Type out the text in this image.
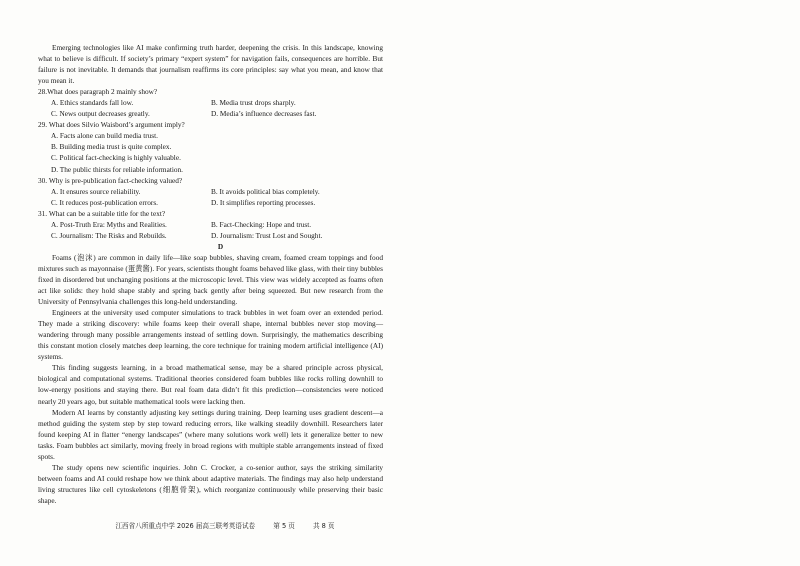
Emerging technologies like AI make confirming truth harder, deepening the crisis. In this landscape, knowing what to believe is difficult. If society’s primary “expert system” for navigation fails, consequences are horrible. But failure is not inevitable. It demands that journalism reaffirms its core principles: say what you mean, and know that you mean it.

28.What does paragraph 2 mainly show?
A. Ethics standards fall low.	B. Media trust drops sharply.
C. News output decreases greatly.	D. Media’s influence decreases fast.
29. What does Silvio Waisbord’s argument imply?
A. Facts alone can build media trust.
B. Building media trust is quite complex.
C. Political fact-checking is highly valuable.
D. The public thirsts for reliable information.
30. Why is pre-publication fact-checking valued?
A. It ensures source reliability.	B. It avoids political bias completely.
C. It reduces post-publication errors.	D. It simplifies reporting processes.
31. What can be a suitable title for the text?
A. Post-Truth Era: Myths and Realities.	B. Fact-Checking: Hope and trust.
C. Journalism: The Risks and Rebuilds.	D. Journalism: Trust Lost and Sought.
D

Foams (泡沫) are common in daily life—like soap bubbles, shaving cream, foamed cream toppings and food mixtures such as mayonnaise (蛋黄酱). For years, scientists thought foams behaved like glass, with their tiny bubbles fixed in disordered but unchanging positions at the microscopic level. This view was widely accepted as foams often act like solids: they hold shape stably and spring back gently after being squeezed. But new research from the University of Pennsylvania challenges this long-held understanding.

Engineers at the university used computer simulations to track bubbles in wet foam over an extended period. They made a striking discovery: while foams keep their overall shape, internal bubbles never stop moving—wandering through many possible arrangements instead of settling down. Surprisingly, the mathematics describing this constant motion closely matches deep learning, the core technique for training modern artificial intelligence (AI) systems.

This finding suggests learning, in a broad mathematical sense, may be a shared principle across physical, biological and computational systems. Traditional theories considered foam bubbles like rocks rolling downhill to low-energy positions and staying there. But real foam data didn’t fit this prediction—consistencies were noticed nearly 20 years ago, but suitable mathematical tools were lacking then.

Modern AI learns by constantly adjusting key settings during training. Deep learning uses gradient descent—a method guiding the system step by step toward reducing errors, like walking steadily downhill. Researchers later found keeping AI in flatter “energy landscapes” (where many solutions work well) lets it generalize better to new tasks. Foam bubbles act similarly, moving freely in broad regions with multiple stable arrangements instead of fixed spots.

The study opens new scientific inquiries. John C. Crocker, a co-senior author, says the striking similarity between foams and AI could reshape how we think about adaptive materials. The findings may also help understand living structures like cell cytoskeletons (细胞骨架), which reorganize continuously while preserving their basic shape.

江西省八所重点中学 2026 届高三联考英语试卷	第 5 页	共 8 页
